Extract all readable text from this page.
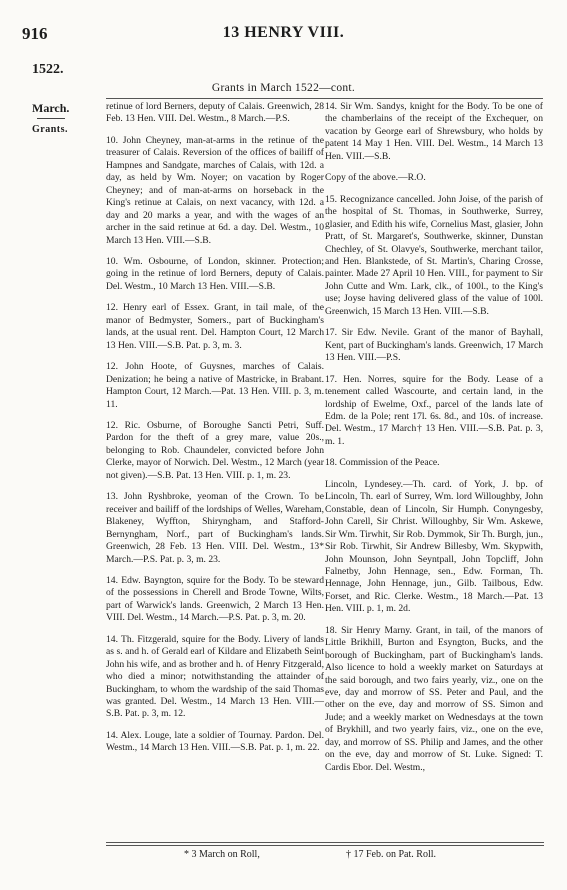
916	13 HENRY VIII.
1522.
Grants in March 1522—cont.
March.
Grants.

retinue of lord Berners, deputy of Calais. Greenwich, 28 Feb. 13 Hen. VIII. Del. Westm., 8 March.—P.S.

10. John Cheyney, man-at-arms in the retinue of the treasurer of Calais. Reversion of the offices of bailiff of Hampnes and Sandgate, marches of Calais, with 12d. a day, as held by Wm. Noyer; on vacation by Roger Cheyney; and of man-at-arms on horseback in the King's retinue at Calais, on next vacancy, with 12d. a day and 20 marks a year, and with the wages of an archer in the said retinue at 6d. a day. Del. Westm., 10 March 13 Hen. VIII.—S.B.

10. Wm. Osbourne, of London, skinner. Protection; going in the retinue of lord Berners, deputy of Calais. Del. Westm., 10 March 13 Hen. VIII.—S.B.

12. Henry earl of Essex. Grant, in tail male, of the manor of Bedmyster, Somers., part of Buckingham's lands, at the usual rent. Del. Hampton Court, 12 March 13 Hen. VIII.—S.B. Pat. p. 3, m. 3.

12. John Hoote, of Guysnes, marches of Calais. Denization; he being a native of Mastricke, in Brabant. Hampton Court, 12 March.—Pat. 13 Hen. VIII. p. 3, m. 11.

12. Ric. Osburne, of Boroughe Sancti Petri, Suff. Pardon for the theft of a grey mare, value 20s., belonging to Rob. Chaundeler, convicted before John Clerke, mayor of Norwich. Del. Westm., 12 March (year not given).—S.B. Pat. 13 Hen. VIII. p. 1, m. 23.

13. John Ryshbroke, yeoman of the Crown. To be receiver and bailiff of the lordships of Welles, Wareham, Blakeney, Wyffton, Shiryngham, and Stafford-Bernyngham, Norf., part of Buckingham's lands. Greenwich, 28 Feb. 13 Hen. VIII. Del. Westm., 13* March.—P.S. Pat. p. 3, m. 23.

14. Edw. Bayngton, squire for the Body. To be steward of the possessions in Cherell and Brode Towne, Wilts, part of Warwick's lands. Greenwich, 2 March 13 Hen. VIII. Del. Westm., 14 March.—P.S. Pat. p. 3, m. 20.

14. Th. Fitzgerald, squire for the Body. Livery of lands as s. and h. of Gerald earl of Kildare and Elizabeth Seint John his wife, and as brother and h. of Henry Fitzgerald, who died a minor; notwithstanding the attainder of Buckingham, to whom the wardship of the said Thomas was granted. Del. Westm., 14 March 13 Hen. VIII.—S.B. Pat. p. 3, m. 12.

14. Alex. Louge, late a soldier of Tournay. Pardon. Del. Westm., 14 March 13 Hen. VIII.—S.B. Pat. p. 1, m. 22.

14. Sir Wm. Sandys, knight for the Body. To be one of the chamberlains of the receipt of the Exchequer, on vacation by George earl of Shrewsbury, who holds by patent 14 May 1 Hen. VIII. Del. Westm., 14 March 13 Hen. VIII.—S.B.

Copy of the above.—R.O.

15. Recognizance cancelled. John Joise, of the parish of the hospital of St. Thomas, in Southwerke, Surrey, glasier, and Edith his wife, Cornelius Mast, glasier, John Pratt, of St. Margaret's, Southwerke, skinner, Dunstan Chechley, of St. Olavye's, Southwerke, merchant tailor, and Hen. Blankstede, of St. Martin's, Charing Crosse, painter. Made 27 April 10 Hen. VIII., for payment to Sir John Cutte and Wm. Lark, clk., of 100l., to the King's use; Joyse having delivered glass of the value of 100l. Greenwich, 15 March 13 Hen. VIII.—S.B.

17. Sir Edw. Nevile. Grant of the manor of Bayhall, Kent, part of Buckingham's lands. Greenwich, 17 March 13 Hen. VIII.—P.S.

17. Hen. Norres, squire for the Body. Lease of a tenement called Wascourte, and certain land, in the lordship of Ewelme, Oxf., parcel of the lands late of Edm. de la Pole; rent 17l. 6s. 8d., and 10s. of increase. Del. Westm., 17 March† 13 Hen. VIII.—S.B. Pat. p. 3, m. 1.

18. Commission of the Peace.

Lincoln, Lyndesey.—Th. card. of York, J. bp. of Lincoln, Th. earl of Surrey, Wm. lord Willoughby, John Constable, dean of Lincoln, Sir Humph. Conyngesby, John Carell, Sir Christ. Willoughby, Sir Wm. Askewe, Sir Wm. Tirwhit, Sir Rob. Dymmok, Sir Th. Burgh, jun., Sir Rob. Tirwhit, Sir Andrew Billesby, Wm. Skypwith, John Mounson, John Seyntpall, John Topcliff, John Falnetby, John Hennage, sen., Edw. Forman, Th. Hennage, John Hennage, jun., Gilb. Tailbous, Edw. Forset, and Ric. Clerke. Westm., 18 March.—Pat. 13 Hen. VIII. p. 1, m. 2d.

18. Sir Henry Marny. Grant, in tail, of the manors of Little Brikhill, Burton and Esyngton, Bucks, and the borough of Buckingham, part of Buckingham's lands. Also licence to hold a weekly market on Saturdays at the said borough, and two fairs yearly, viz., one on the eve, day and morrow of SS. Peter and Paul, and the other on the eve, day and morrow of SS. Simon and Jude; and a weekly market on Wednesdays at the town of Brykhill, and two yearly fairs, viz., one on the eve, day, and morrow of SS. Philip and James, and the other on the eve, day and morrow of St. Luke. Signed: T. Cardis Ebor. Del. Westm.,

* 3 March on Roll,	† 17 Feb. on Pat. Roll.
